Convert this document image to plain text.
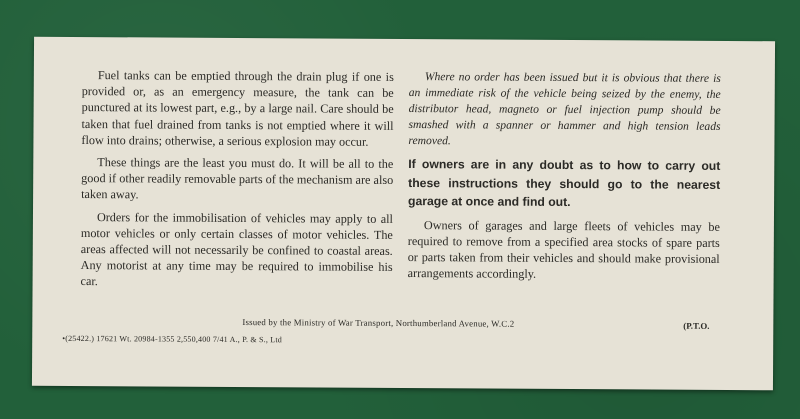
Fuel tanks can be emptied through the drain plug if one is provided or, as an emergency measure, the tank can be punctured at its lowest part, e.g., by a large nail. Care should be taken that fuel drained from tanks is not emptied where it will flow into drains; otherwise, a serious explosion may occur.

These things are the least you must do. It will be all to the good if other readily removable parts of the mechanism are also taken away.

Orders for the immobilisation of vehicles may apply to all motor vehicles or only certain classes of motor vehicles. The areas affected will not necessarily be confined to coastal areas. Any motorist at any time may be required to immobilise his car.

Where no order has been issued but it is obvious that there is an immediate risk of the vehicle being seized by the enemy, the distributor head, magneto or fuel injection pump should be smashed with a spanner or hammer and high tension leads removed.

If owners are in any doubt as to how to carry out these instructions they should go to the nearest garage at once and find out.

Owners of garages and large fleets of vehicles may be required to remove from a specified area stocks of spare parts or parts taken from their vehicles and should make provisional arrangements accordingly.

Issued by the Ministry of War Transport, Northumberland Avenue, W.C.2	(P.T.O.
•(25422.) 17621 Wt. 20984-1355 2,550,400 7/41 A., P. & S., Ltd
